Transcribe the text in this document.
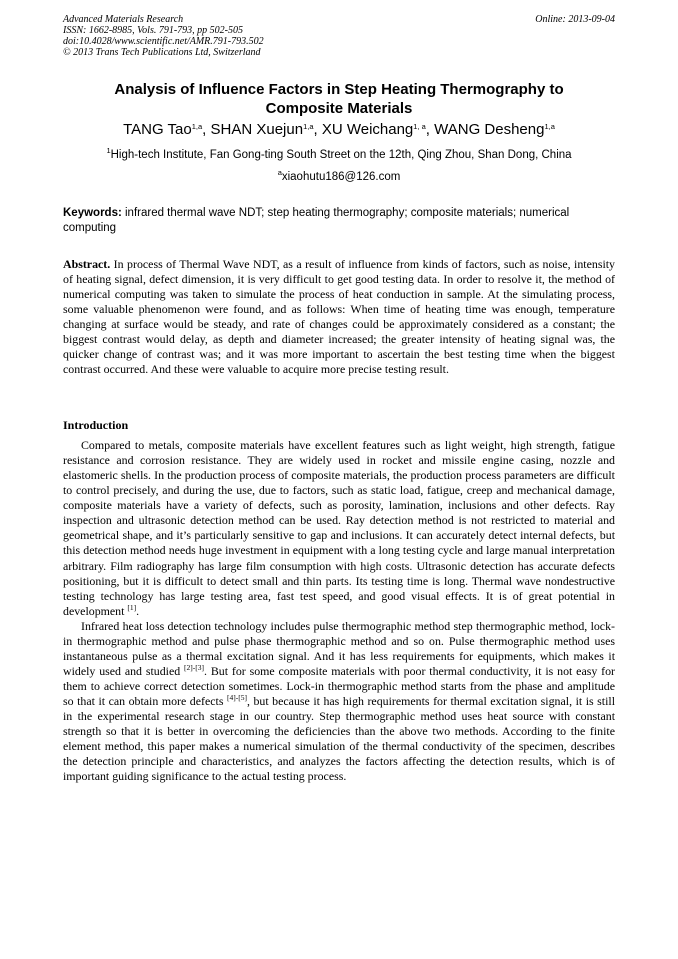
Advanced Materials Research
ISSN: 1662-8985, Vols. 791-793, pp 502-505
doi:10.4028/www.scientific.net/AMR.791-793.502
© 2013 Trans Tech Publications Ltd, Switzerland
Online: 2013-09-04
Analysis of Influence Factors in Step Heating Thermography to
Composite Materials
TANG Tao$^{1,a}$, SHAN Xuejun$^{1,a}$, XU Weichang$^{1, a}$, WANG Desheng$^{1,a}$
$^1$High-tech Institute, Fan Gong-ting South Street on the 12th, Qing Zhou, Shan Dong, China
$^a$xiaohutu186@126.com
Keywords: infrared thermal wave NDT; step heating thermography; composite materials; numerical computing
Abstract. In process of Thermal Wave NDT, as a result of influence from kinds of factors, such as noise, intensity of heating signal, defect dimension, it is very difficult to get good testing data. In order to resolve it, the method of numerical computing was taken to simulate the process of heat conduction in sample. At the simulating process, some valuable phenomenon were found, and as follows: When time of heating time was enough, temperature changing at surface would be steady, and rate of changes could be approximately considered as a constant; the biggest contrast would delay, as depth and diameter increased; the greater intensity of heating signal was, the quicker change of contrast was; and it was more important to ascertain the best testing time when the biggest contrast occurred. And these were valuable to acquire more precise testing result.
Introduction

Compared to metals, composite materials have excellent features such as light weight, high strength, fatigue resistance and corrosion resistance. They are widely used in rocket and missile engine casing, nozzle and elastomeric shells. In the production process of composite materials, the production process parameters are difficult to control precisely, and during the use, due to factors, such as static load, fatigue, creep and mechanical damage, composite materials have a variety of defects, such as porosity, lamination, inclusions and other defects. Ray inspection and ultrasonic detection method can be used. Ray detection method is not restricted to material and geometrical shape, and it’s particularly sensitive to gap and inclusions. It can accurately detect internal defects, but this detection method needs huge investment in equipment with a long testing cycle and large manual interpretation arbitrary. Film radiography has large film consumption with high costs. Ultrasonic detection has accurate defects positioning, but it is difficult to detect small and thin parts. Its testing time is long. Thermal wave nondestructive testing technology has large testing area, fast test speed, and good visual effects. It is of great potential in development [1].

Infrared heat loss detection technology includes pulse thermographic method step thermographic method, lock-in thermographic method and pulse phase thermographic method and so on. Pulse thermographic method uses instantaneous pulse as a thermal excitation signal. And it has less requirements for equipments, which makes it widely used and studied [2]-[3]. But for some composite materials with poor thermal conductivity, it is not easy for them to achieve correct detection sometimes. Lock-in thermographic method starts from the phase and amplitude so that it can obtain more defects [4]-[5], but because it has high requirements for thermal excitation signal, it is still in the experimental research stage in our country. Step thermographic method uses heat source with constant strength so that it is better in overcoming the deficiencies than the above two methods. According to the finite element method, this paper makes a numerical simulation of the thermal conductivity of the specimen, describes the detection principle and characteristics, and analyzes the factors affecting the detection results, which is of important guiding significance to the actual testing process.
